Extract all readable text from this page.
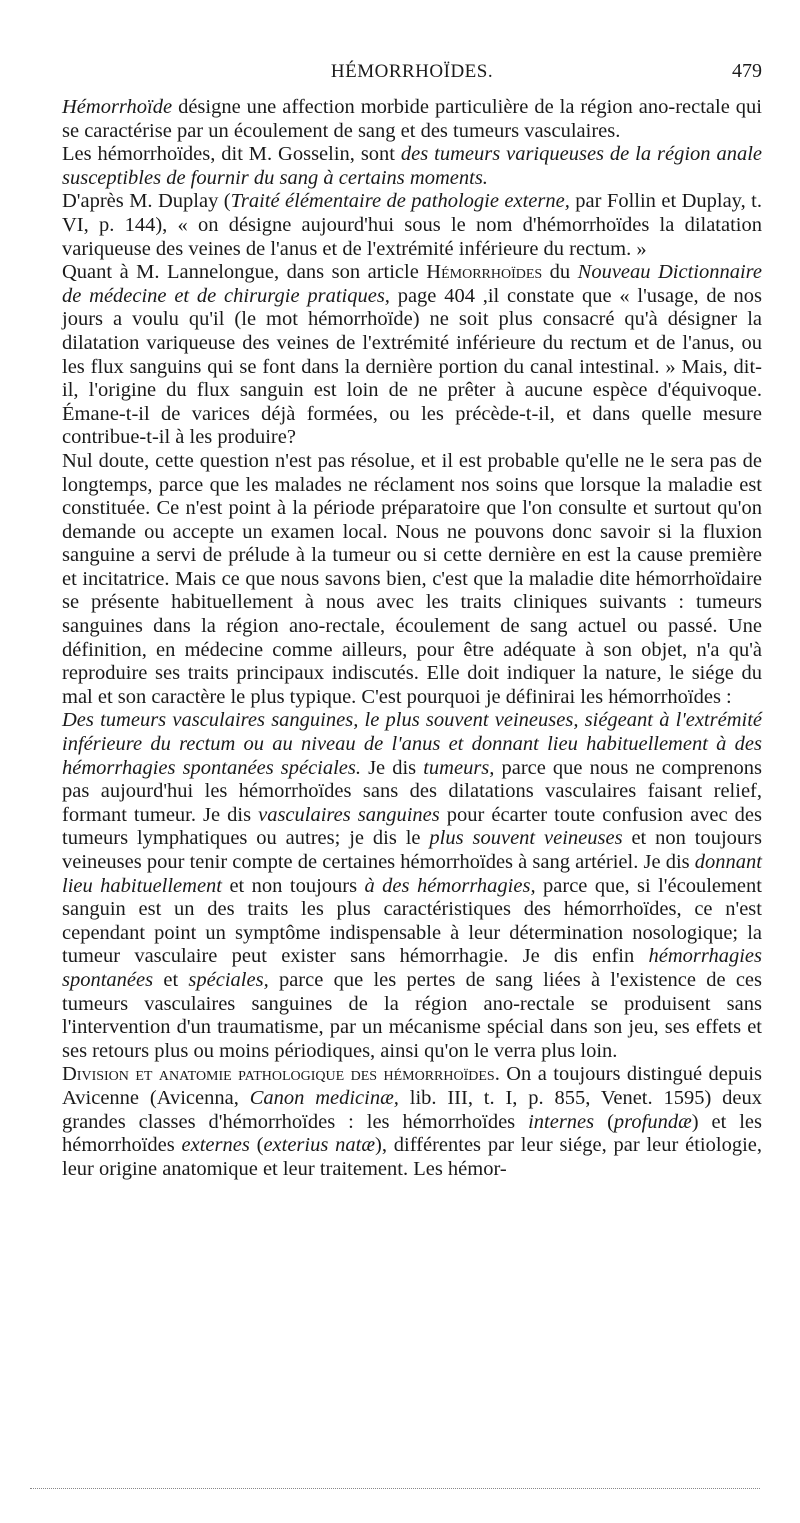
HÉMORRHOÏDES.	479

Hémorrhoïde désigne une affection morbide particulière de la région ano-rectale qui se caractérise par un écoulement de sang et des tumeurs vasculaires.

Les hémorrhoïdes, dit M. Gosselin, sont des tumeurs variqueuses de la région anale susceptibles de fournir du sang à certains moments.

D'après M. Duplay (Traité élémentaire de pathologie externe, par Follin et Duplay, t. VI, p. 144), « on désigne aujourd'hui sous le nom d'hémorrhoïdes la dilatation variqueuse des veines de l'anus et de l'extrémité inférieure du rectum. »

Quant à M. Lannelongue, dans son article Hémorrhoïdes du Nouveau Dictionnaire de médecine et de chirurgie pratiques, page 404 ,il constate que « l'usage, de nos jours a voulu qu'il (le mot hémorrhoïde) ne soit plus consacré qu'à désigner la dilatation variqueuse des veines de l'extrémité inférieure du rectum et de l'anus, ou les flux sanguins qui se font dans la dernière portion du canal intestinal. » Mais, dit-il, l'origine du flux sanguin est loin de ne prêter à aucune espèce d'équivoque. Émane-t-il de varices déjà formées, ou les précède-t-il, et dans quelle mesure contribue-t-il à les produire?

Nul doute, cette question n'est pas résolue, et il est probable qu'elle ne le sera pas de longtemps, parce que les malades ne réclament nos soins que lorsque la maladie est constituée. Ce n'est point à la période préparatoire que l'on consulte et surtout qu'on demande ou accepte un examen local. Nous ne pouvons donc savoir si la fluxion sanguine a servi de prélude à la tumeur ou si cette dernière en est la cause première et incitatrice. Mais ce que nous savons bien, c'est que la maladie dite hémorrhoïdaire se présente habituellement à nous avec les traits cliniques suivants : tumeurs sanguines dans la région ano-rectale, écoulement de sang actuel ou passé. Une définition, en médecine comme ailleurs, pour être adéquate à son objet, n'a qu'à reproduire ses traits principaux indiscutés. Elle doit indiquer la nature, le siége du mal et son caractère le plus typique. C'est pourquoi je définirai les hémorrhoïdes :

Des tumeurs vasculaires sanguines, le plus souvent veineuses, siégeant à l'extrémité inférieure du rectum ou au niveau de l'anus et donnant lieu habituellement à des hémorrhagies spontanées spéciales. Je dis tumeurs, parce que nous ne comprenons pas aujourd'hui les hémorrhoïdes sans des dilatations vasculaires faisant relief, formant tumeur. Je dis vasculaires sanguines pour écarter toute confusion avec des tumeurs lymphatiques ou autres; je dis le plus souvent veineuses et non toujours veineuses pour tenir compte de certaines hémorrhoïdes à sang artériel. Je dis donnant lieu habituellement et non toujours à des hémorrhagies, parce que, si l'écoulement sanguin est un des traits les plus caractéristiques des hémorrhoïdes, ce n'est cependant point un symptôme indispensable à leur détermination nosologique; la tumeur vasculaire peut exister sans hémorrhagie. Je dis enfin hémorrhagies spontanées et spéciales, parce que les pertes de sang liées à l'existence de ces tumeurs vasculaires sanguines de la région ano-rectale se produisent sans l'intervention d'un traumatisme, par un mécanisme spécial dans son jeu, ses effets et ses retours plus ou moins périodiques, ainsi qu'on le verra plus loin.

Division et anatomie pathologique des hémorrhoïdes. On a toujours distingué depuis Avicenne (Avicenna, Canon medicinæ, lib. III, t. I, p. 855, Venet. 1595) deux grandes classes d'hémorrhoïdes : les hémorrhoïdes internes (profundæ) et les hémorrhoïdes externes (exterius natæ), différentes par leur siége, par leur étiologie, leur origine anatomique et leur traitement. Les hémor-
